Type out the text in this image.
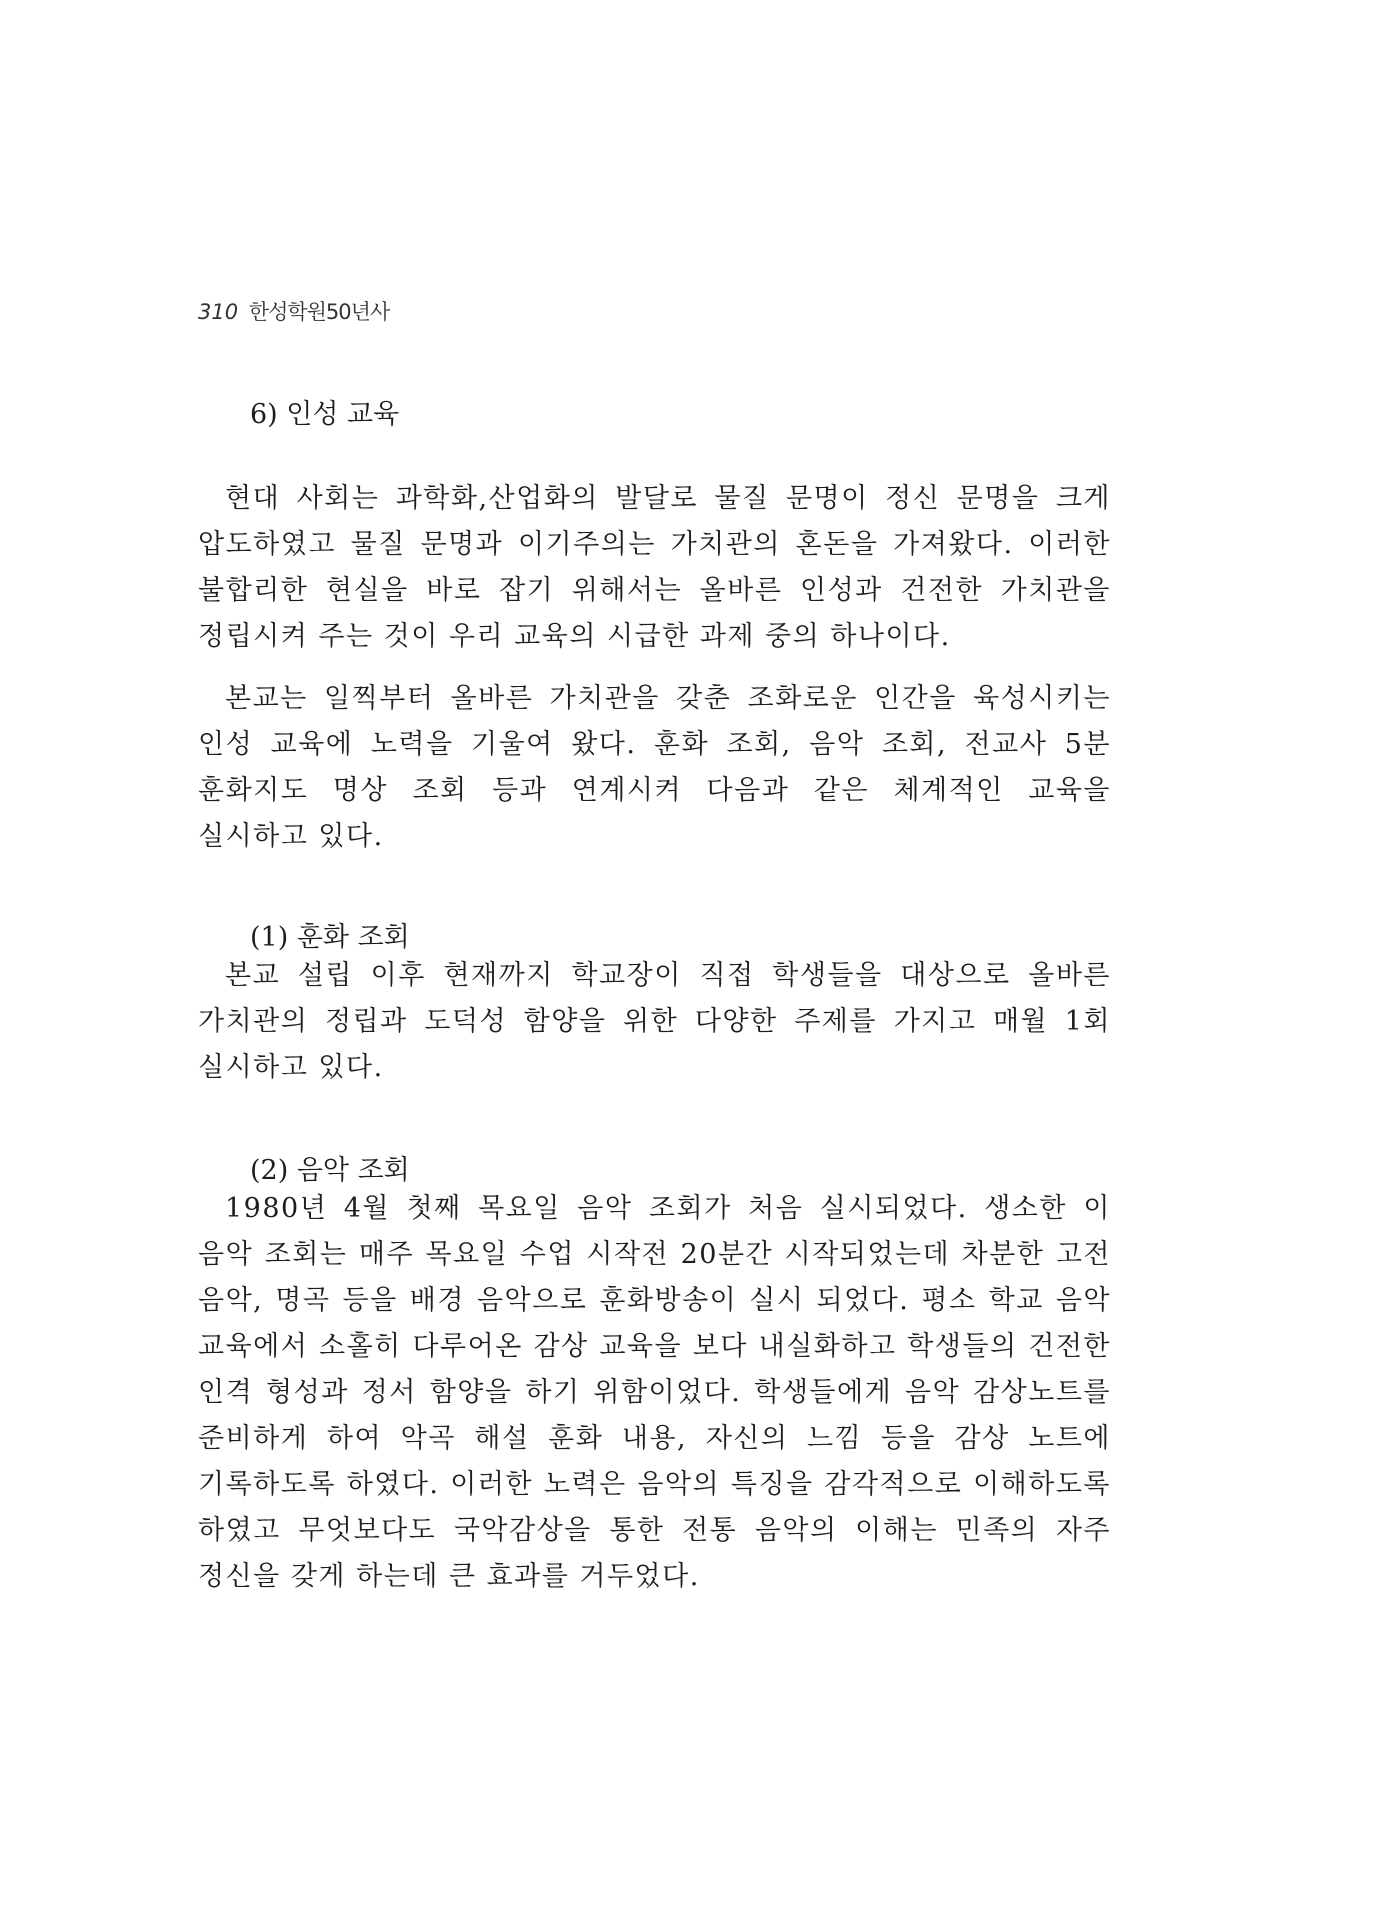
310 한성학원50년사
6) 인성 교육

현대 사회는 과학화,산업화의 발달로 물질 문명이 정신 문명을 크게 압도하였고 물질 문명과 이기주의는 가치관의 혼돈을 가져왔다. 이러한 불합리한 현실을 바로 잡기 위해서는 올바른 인성과 건전한 가치관을 정립시켜 주는 것이 우리 교육의 시급한 과제 중의 하나이다.

본교는 일찍부터 올바른 가치관을 갖춘 조화로운 인간을 육성시키는 인성 교육에 노력을 기울여 왔다. 훈화 조회, 음악 조회, 전교사 5분 훈화지도 명상 조회 등과 연계시켜 다음과 같은 체계적인 교육을 실시하고 있다.

(1) 훈화 조회

본교 설립 이후 현재까지 학교장이 직접 학생들을 대상으로 올바른 가치관의 정립과 도덕성 함양을 위한 다양한 주제를 가지고 매월 1회 실시하고 있다.

(2) 음악 조회

1980년 4월 첫째 목요일 음악 조회가 처음 실시되었다. 생소한 이 음악 조회는 매주 목요일 수업 시작전 20분간 시작되었는데 차분한 고전 음악, 명곡 등을 배경 음악으로 훈화방송이 실시 되었다. 평소 학교 음악 교육에서 소홀히 다루어온 감상 교육을 보다 내실화하고 학생들의 건전한 인격 형성과 정서 함양을 하기 위함이었다. 학생들에게 음악 감상노트를 준비하게 하여 악곡 해설 훈화 내용, 자신의 느낌 등을 감상 노트에 기록하도록 하였다. 이러한 노력은 음악의 특징을 감각적으로 이해하도록 하였고 무엇보다도 국악감상을 통한 전통 음악의 이해는 민족의 자주 정신을 갖게 하는데 큰 효과를 거두었다.
